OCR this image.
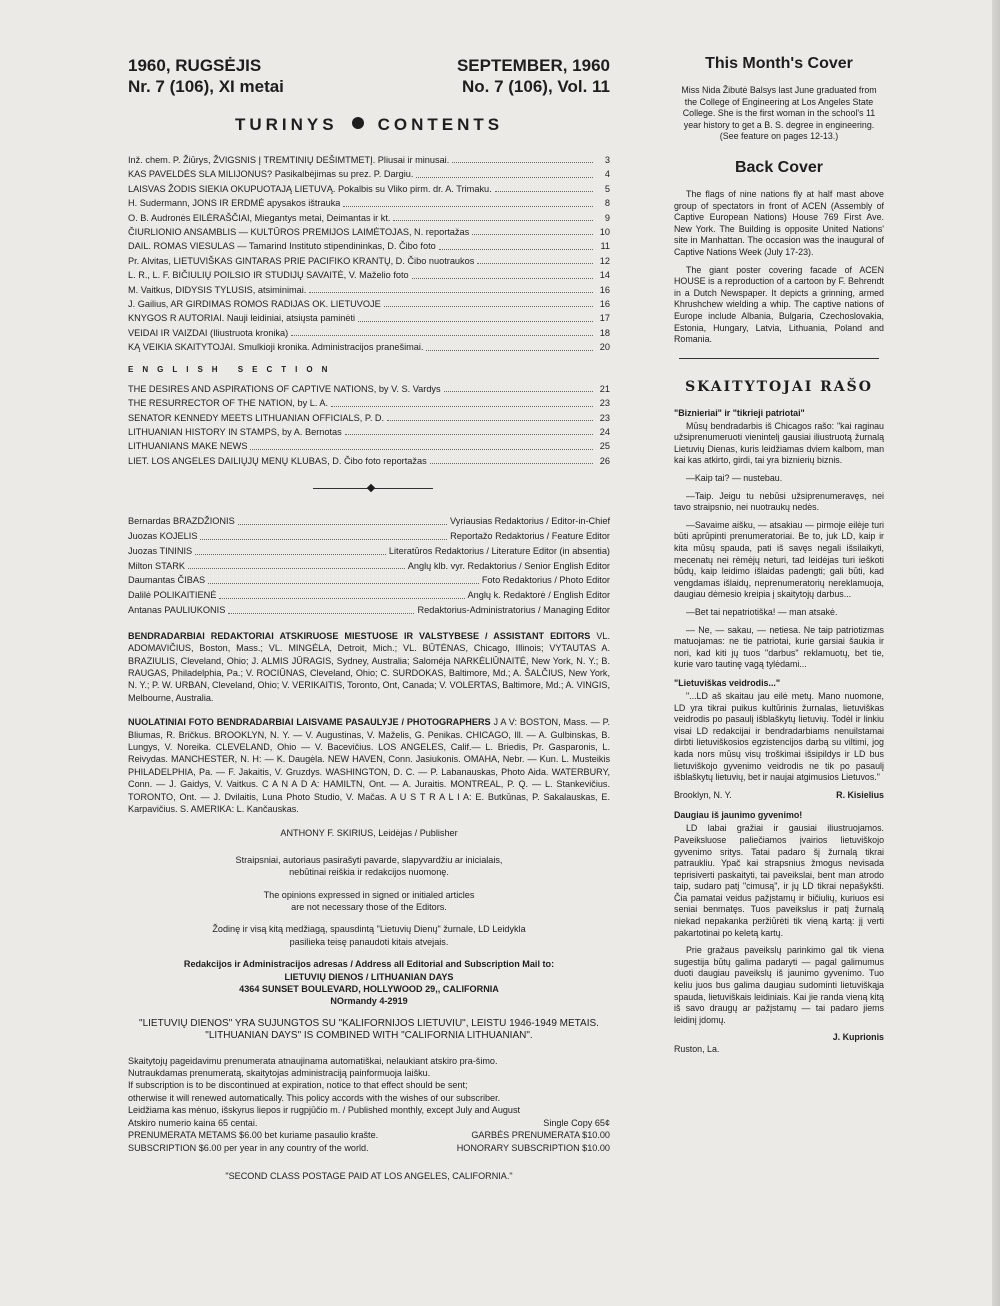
1960, RUGSĖJIS
Nr. 7 (106), XI metai
SEPTEMBER, 1960
No. 7 (106), Vol. 11
TURINYS CONTENTS
Inž. chem. P. Žiūrys, ŽVIGSNIS Į TREMTINIŲ DEŠIMTMETĮ. Pliusai ir minusai.	3
KAS PAVELDĖS SLA MILIJONUS? Pasikalbėjimas su prez. P. Dargiu.	4
LAISVAS ŽODIS SIEKIA OKUPUOTAJĄ LIETUVĄ. Pokalbis su Vliko pirm. dr. A. Trimaku.	5
H. Sudermann, JONS IR ERDMĖ apysakos ištrauka	8
O. B. Audronės EILĖRAŠČIAI, Miegantys metai, Deimantas ir kt.	9
ČIURLIONIO ANSAMBLIS — KULTŪROS PREMIJOS LAIMĖTOJAS, N. reportažas	10
DAIL. ROMAS VIESULAS — Tamarind Instituto stipendininkas, D. Čibo foto	11
Pr. Alvitas, LIETUVIŠKAS GINTARAS PRIE PACIFIKO KRANTŲ, D. Čibo nuotraukos	12
L. R., L. F. BIČIULIŲ POILSIO IR STUDIJŲ SAVAITĖ, V. Maželio foto	14
M. Vaitkus, DIDYSIS TYLUSIS, atsiminimai.	16
J. Gailius, AR GIRDIMAS ROMOS RADIJAS OK. LIETUVOJE	16
KNYGOS R AUTORIAI. Nauji leidiniai, atsiųsta paminėti	17
VEIDAI IR VAIZDAI (Iliustruota kronika)	18
KĄ VEIKIA SKAITYTOJAI. Smulkioji kronika. Administracijos pranešimai.	20
ENGLISH SECTION
THE DESIRES AND ASPIRATIONS OF CAPTIVE NATIONS, by V. S. Vardys	21
THE RESURRECTOR OF THE NATION, by L. A.	23
SENATOR KENNEDY MEETS LITHUANIAN OFFICIALS, P. D.	23
LITHUANIAN HISTORY IN STAMPS, by A. Bernotas	24
LITHUANIANS MAKE NEWS	25
LIET. LOS ANGELES DAILIŲJŲ MENŲ KLUBAS, D. Čibo foto reportažas	26
Bernardas BRAZDŽIONIS	Vyriausias Redaktorius / Editor-in-Chief
Juozas KOJELIS	Reportažo Redaktorius / Feature Editor
Juozas TININIS	Literatūros Redaktorius / Literature Editor (in absentia)
Milton STARK	Anglų klb. vyr. Redaktorius / Senior English Editor
Daumantas ČIBAS	Foto Redaktorius / Photo Editor
Dalilė POLIKAITIENĖ	Anglų k. Redaktorė / English Editor
Antanas PAULIUKONIS	Redaktorius-Administratorius / Managing Editor
BENDRADARBIAI REDAKTORIAI ATSKIRUOSE MIESTUOSE IR VALSTYBESE / ASSISTANT EDITORS VL. ADOMAVIČIUS, Boston, Mass.; VL. MINGĖLA, Detroit, Mich.; VL. BŪTĖNAS, Chicago, Illinois; VYTAUTAS A. BRAZIULIS, Cleveland, Ohio; J. ALMIS JŪRAGIS, Sydney, Australia; Saloméja NARKĖLIŪNAITĖ, New York, N. Y.; B. RAUGAS, Philadelphia, Pa.; V. ROCIŪNAS, Cleveland, Ohio; C. SURDOKAS, Baltimore, Md.; A. ŠALČIUS, New York, N. Y.; P. W. URBAN, Cleveland, Ohio; V. VERIKAITIS, Toronto, Ont, Canada; V. VOLERTAS, Baltimore, Md.; A. VINGIS, Melbourne, Australia.
NUOLATINIAI FOTO BENDRADARBIAI LAISVAME PASAULYJE / PHOTOGRAPHERS J A V: BOSTON, Mass. — P. Bliumas, R. Bričkus. BROOKLYN, N. Y. — V. Augustinas, V. Maželis, G. Penikas. CHICAGO, Ill. — A. Gulbinskas, B. Lungys, V. Noreika. CLEVELAND, Ohio — V. Bacevičius. LOS ANGELES, Calif.— L. Briedis, Pr. Gasparonis, L. Reivydas. MANCHESTER, N. H: — K. Daugėla. NEW HAVEN, Conn. Jasiukonis. OMAHA, Nebr. — Kun. L. Musteikis PHILADELPHIA, Pa. — F. Jakaitis, V. Gruzdys. WASHINGTON, D. C. — P. Labanauskas, Photo Aida. WATERBURY, Conn. — J. Gaidys, V. Vaitkus. C A N A D A: HAMILTN, Ont. — A. Juraitis. MONTREAL, P. Q. — L. Stankevičius. TORONTO, Ont. — J. Dvilaitis, Luna Photo Studio, V. Mačas. A U S T R A L I A: E. Butkūnas, P. Sakalauskas, E. Karpavičius. S. AMERIKA: L. Kančauskas.
ANTHONY F. SKIRIUS, Leidėjas / Publisher
Straipsniai, autoriaus pasirašyti pavarde, slapyvardžiu ar inicialais,
nebūtinai reiškia ir redakcijos nuomonę.
The opinions expressed in signed or initialed articles
are not necessary those of the Editors.
Žodinę ir visą kitą medžiagą, spausdintą "Lietuvių Dienų" žurnale, LD Leidykla
pasilieka teisę panaudoti kitais atvejais.
Redakcijos ir Administracijos adresas / Address all Editorial and Subscription Mail to:
LIETUVIŲ DIENOS / LITHUANIAN DAYS
4364 SUNSET BOULEVARD, HOLLYWOOD 29,, CALIFORNIA
NOrmandy 4-2919
"LIETUVIŲ DIENOS" YRA SUJUNGTOS SU "KALIFORNIJOS LIETUVIU", LEISTU 1946-1949 METAIS.
"LITHUANIAN DAYS" IS COMBINED WITH "CALIFORNIA LITHUANIAN".
Skaitytojų pageidavimu prenumerata atnaujinama automatiškai, nelaukiant atskiro pra-šimo.
Nutraukdamas prenumeratą, skaitytojas administraciją painformuoja laišku.
If subscription is to be discontinued at expiration, notice to that effect should be sent;
otherwise it will renewed automatically. This policy accords with the wishes of our subscriber.
Leidžiama kas mėnuo, išskyrus liepos ir rugpjūčio m. / Published monthly, except July and August
Atskiro numerio kaina 65 centai.	Single Copy 65¢
PRENUMERATA METAMS $6.00 bet kuriame pasaulio krašte.	GARBĖS PRENUMERATA $10.00
SUBSCRIPTION $6.00 per year in any country of the world.	HONORARY SUBSCRIPTION $10.00
"SECOND CLASS POSTAGE PAID AT LOS ANGELES, CALIFORNIA."
This Month's Cover

Miss Nida Žibutė Balsys last June graduated from the College of Engineering at Los Angeles State College. She is the first woman in the school's 11 year history to get a B. S. degree in engineering. (See feature on pages 12-13.)

Back Cover

The flags of nine nations fly at half mast above group of spectators in front of ACEN (Assembly of Captive European Nations) House 769 First Ave. New York. The Building is opposite United Nations' site in Manhattan. The occasion was the inaugural of Captive Nations Week (July 17-23).

The giant poster covering facade of ACEN HOUSE is a reproduction of a cartoon by F. Behrendt in a Dutch Newspaper. It depicts a grinning, armed Khrushchew wielding a whip. The captive nations of Europe include Albania, Bulgaria, Czechoslovakia, Estonia, Hungary, Latvia, Lithuania, Poland and Romania.

SKAITYTOJAI RAŠO
"Biznieriai" ir "tikrieji patriotai"

Mūsų bendradarbis iš Chicagos rašo: "kai raginau užsiprenumeruoti vienintelį gausiai iliustruotą žurnalą Lietuvių Dienas, kuris leidžiamas dviem kalbom, man kai kas atkirto, girdi, tai yra biznierių biznis.

—Kaip tai? — nustebau.

—Taip. Jeigu tu nebūsi užsiprenumeravęs, nei tavo straipsnio, nei nuotraukų nedės.

—Savaime aišku, — atsakiau — pirmoje eilėje turi būti aprūpinti prenumeratoriai. Be to, juk LD, kaip ir kita mūsų spauda, pati iš savęs negali išsilaikyti, mecenatų nei rėmėjų neturi, tad leidėjas turi ieškoti būdų, kaip leidimo išlaidas padengti; gali būti, kad vengdamas išlaidų, neprenumeratorių nereklamuoja, daugiau dėmesio kreipia į skaitytojų darbus...

—Bet tai nepatriotiška! — man atsakė.

— Ne, — sakau, — netiesa. Ne taip patriotizmas matuojamas: ne tie patriotai, kurie garsiai šaukia ir nori, kad kiti jų tuos "darbus" reklamuotų, bet tie, kurie varo tautinę vagą tylėdami...

"Lietuviškas veidrodis..."

"...LD aš skaitau jau eilė metų. Mano nuomone, LD yra tikrai puikus kultūrinis žurnalas, lietuviškas veidrodis po pasaulį išblaškytų lietuvių. Todėl ir linkiu visai LD redakcijai ir bendradarbiams nenuilstamai dirbti lietuviškosios egzistencijos darbą su viltimi, jog kada nors mūsų visų troškimai išsipildys ir LD bus lietuviškojo gyvenimo veidrodis ne tik po pasaulį išblaškytų lietuvių, bet ir naujai atgimusios Lietuvos."

Brooklyn, N. Y.	R. Kisielius
Daugiau iš jaunimo gyvenimo!

LD labai gražiai ir gausiai iliustruojamos. Paveiksluose paliečiamos įvairios lietuviškojo gyvenimo sritys. Tatai padaro šį žurnalą tikrai patraukliu. Ypač kai strapsnius žmogus nevisada teprisiverti paskaityti, tai paveikslai, bent man atrodo taip, sudaro patį "cimusą", ir jų LD tikrai nepašykšti. Čia pamatai veidus pažįstamų ir bičiulių, kuriuos esi seniai benmatęs. Tuos paveikslus ir patį žurnalą niekad nepakanka peržiūrėti tik vieną kartą: jį verti pakartotinai po keletą kartų.

Prie gražaus paveikslų parinkimo gal tik viena sugestija būtų galima padaryti — pagal galimumus duoti daugiau paveikslų iš jaunimo gyvenimo. Tuo keliu juos bus galima daugiau sudominti lietuviškąja spauda, lietuviškais leidiniais. Kai jie randa vieną kitą iš savo draugų ar pažįstamų — tai padaro jiems leidinį įdomų.

J. Kuprionis
Ruston, La.
